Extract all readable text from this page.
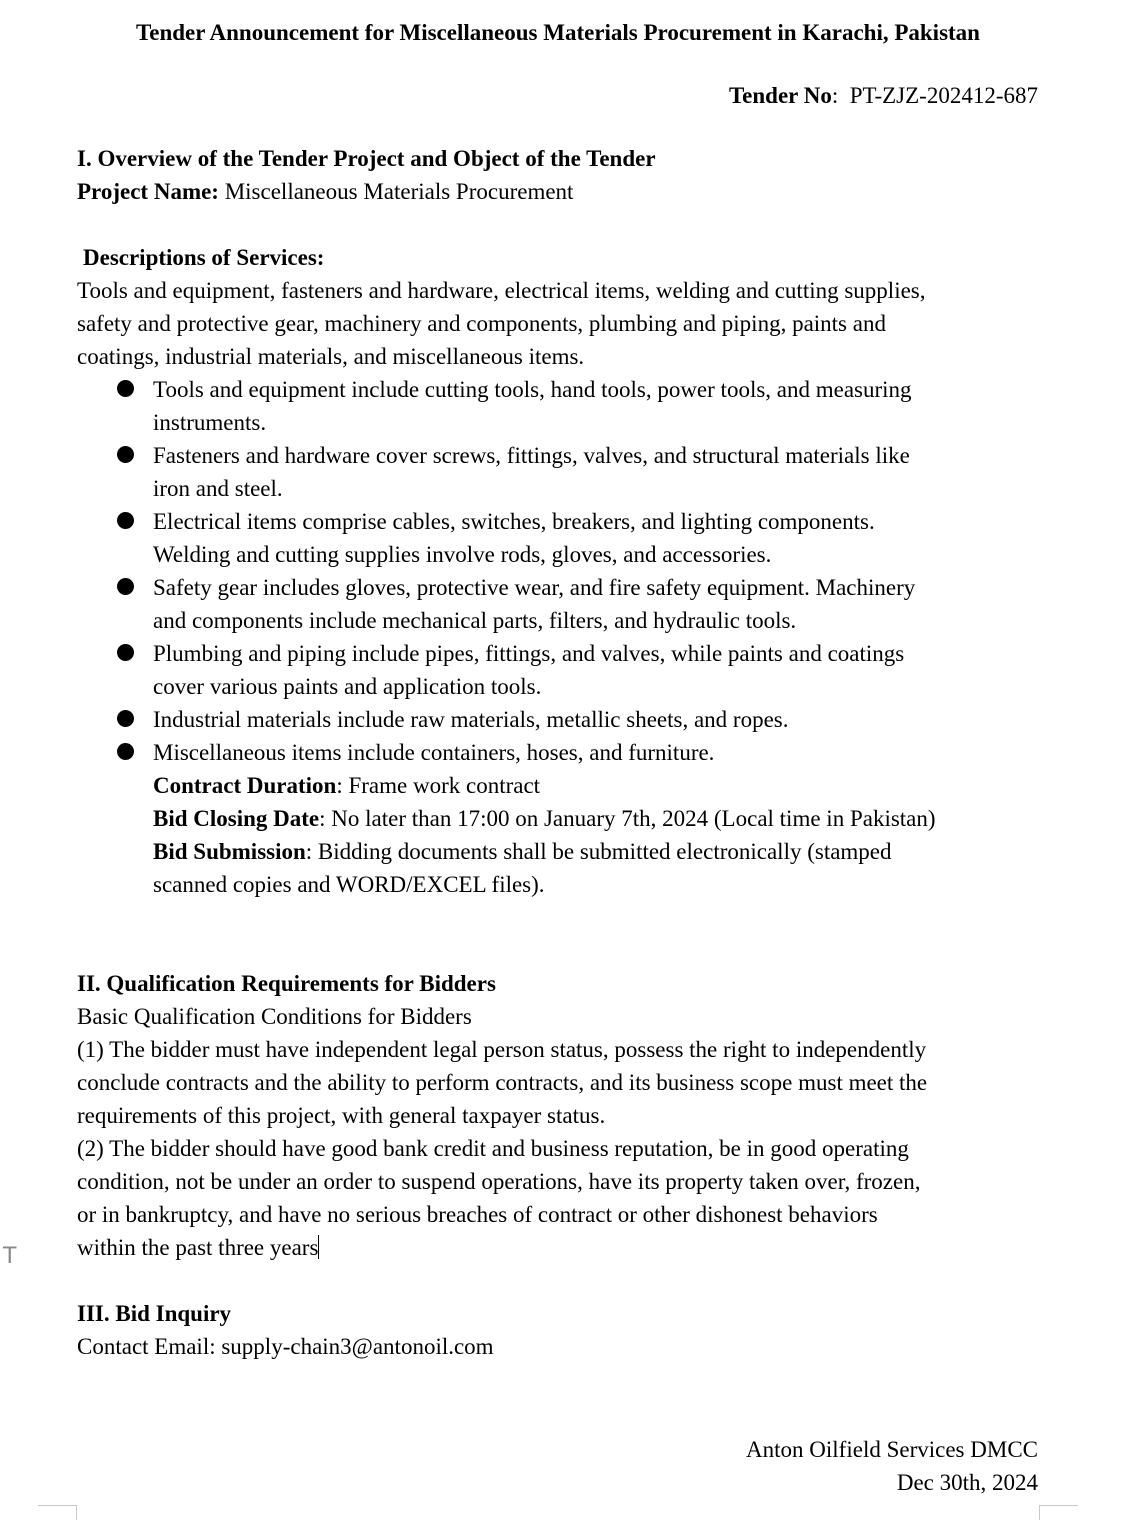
Tender Announcement for Miscellaneous Materials Procurement in Karachi, Pakistan
Tender No: PT-ZJZ-202412-687
I. Overview of the Tender Project and Object of the Tender
Project Name: Miscellaneous Materials Procurement
Descriptions of Services:
Tools and equipment, fasteners and hardware, electrical items, welding and cutting supplies,
safety and protective gear, machinery and components, plumbing and piping, paints and
coatings, industrial materials, and miscellaneous items.
Tools and equipment include cutting tools, hand tools, power tools, and measuring
instruments.
Fasteners and hardware cover screws, fittings, valves, and structural materials like
iron and steel.
Electrical items comprise cables, switches, breakers, and lighting components.
Welding and cutting supplies involve rods, gloves, and accessories.
Safety gear includes gloves, protective wear, and fire safety equipment. Machinery
and components include mechanical parts, filters, and hydraulic tools.
Plumbing and piping include pipes, fittings, and valves, while paints and coatings
cover various paints and application tools.
Industrial materials include raw materials, metallic sheets, and ropes.
Miscellaneous items include containers, hoses, and furniture.
Contract Duration: Frame work contract
Bid Closing Date: No later than 17:00 on January 7th, 2024 (Local time in Pakistan)
Bid Submission: Bidding documents shall be submitted electronically (stamped
scanned copies and WORD/EXCEL files).
II. Qualification Requirements for Bidders
Basic Qualification Conditions for Bidders
(1) The bidder must have independent legal person status, possess the right to independently
conclude contracts and the ability to perform contracts, and its business scope must meet the
requirements of this project, with general taxpayer status.
(2) The bidder should have good bank credit and business reputation, be in good operating
condition, not be under an order to suspend operations, have its property taken over, frozen,
or in bankruptcy, and have no serious breaches of contract or other dishonest behaviors
within the past three years
III. Bid Inquiry
Contact Email: supply-chain3@antonoil.com
T
Anton Oilfield Services DMCC
Dec 30th, 2024
